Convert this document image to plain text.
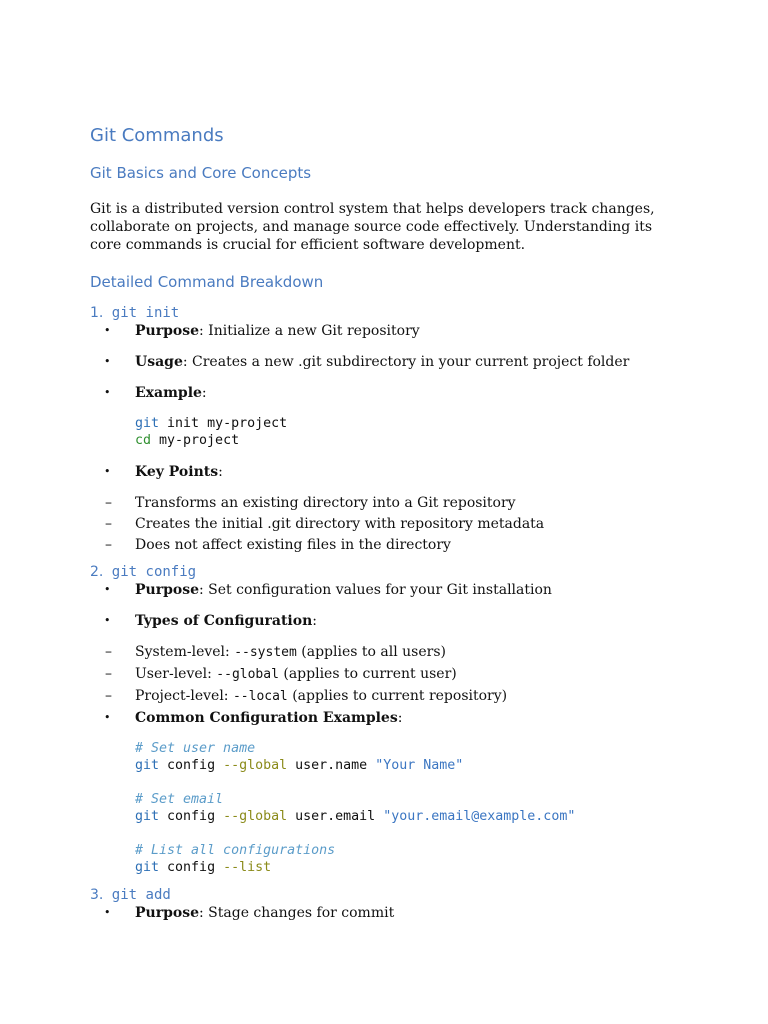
Git Commands
Git Basics and Core Concepts

Git is a distributed version control system that helps developers track changes, collaborate on projects, and manage source code effectively. Understanding its core commands is crucial for efficient software development.

Detailed Command Breakdown
1. git init
• Purpose: Initialize a new Git repository
• Usage: Creates a new .git subdirectory in your current project folder
• Example:
git init my-project
cd my-project
• Key Points:
– Transforms an existing directory into a Git repository
– Creates the initial .git directory with repository metadata
– Does not affect existing files in the directory
2. git config
• Purpose: Set configuration values for your Git installation
• Types of Configuration:
– System-level: --system (applies to all users)
– User-level: --global (applies to current user)
– Project-level: --local (applies to current repository)
• Common Configuration Examples:
# Set user name
git config --global user.name "Your Name"

# Set email
git config --global user.email "your.email@example.com"

# List all configurations
git config --list
3. git add
• Purpose: Stage changes for commit
